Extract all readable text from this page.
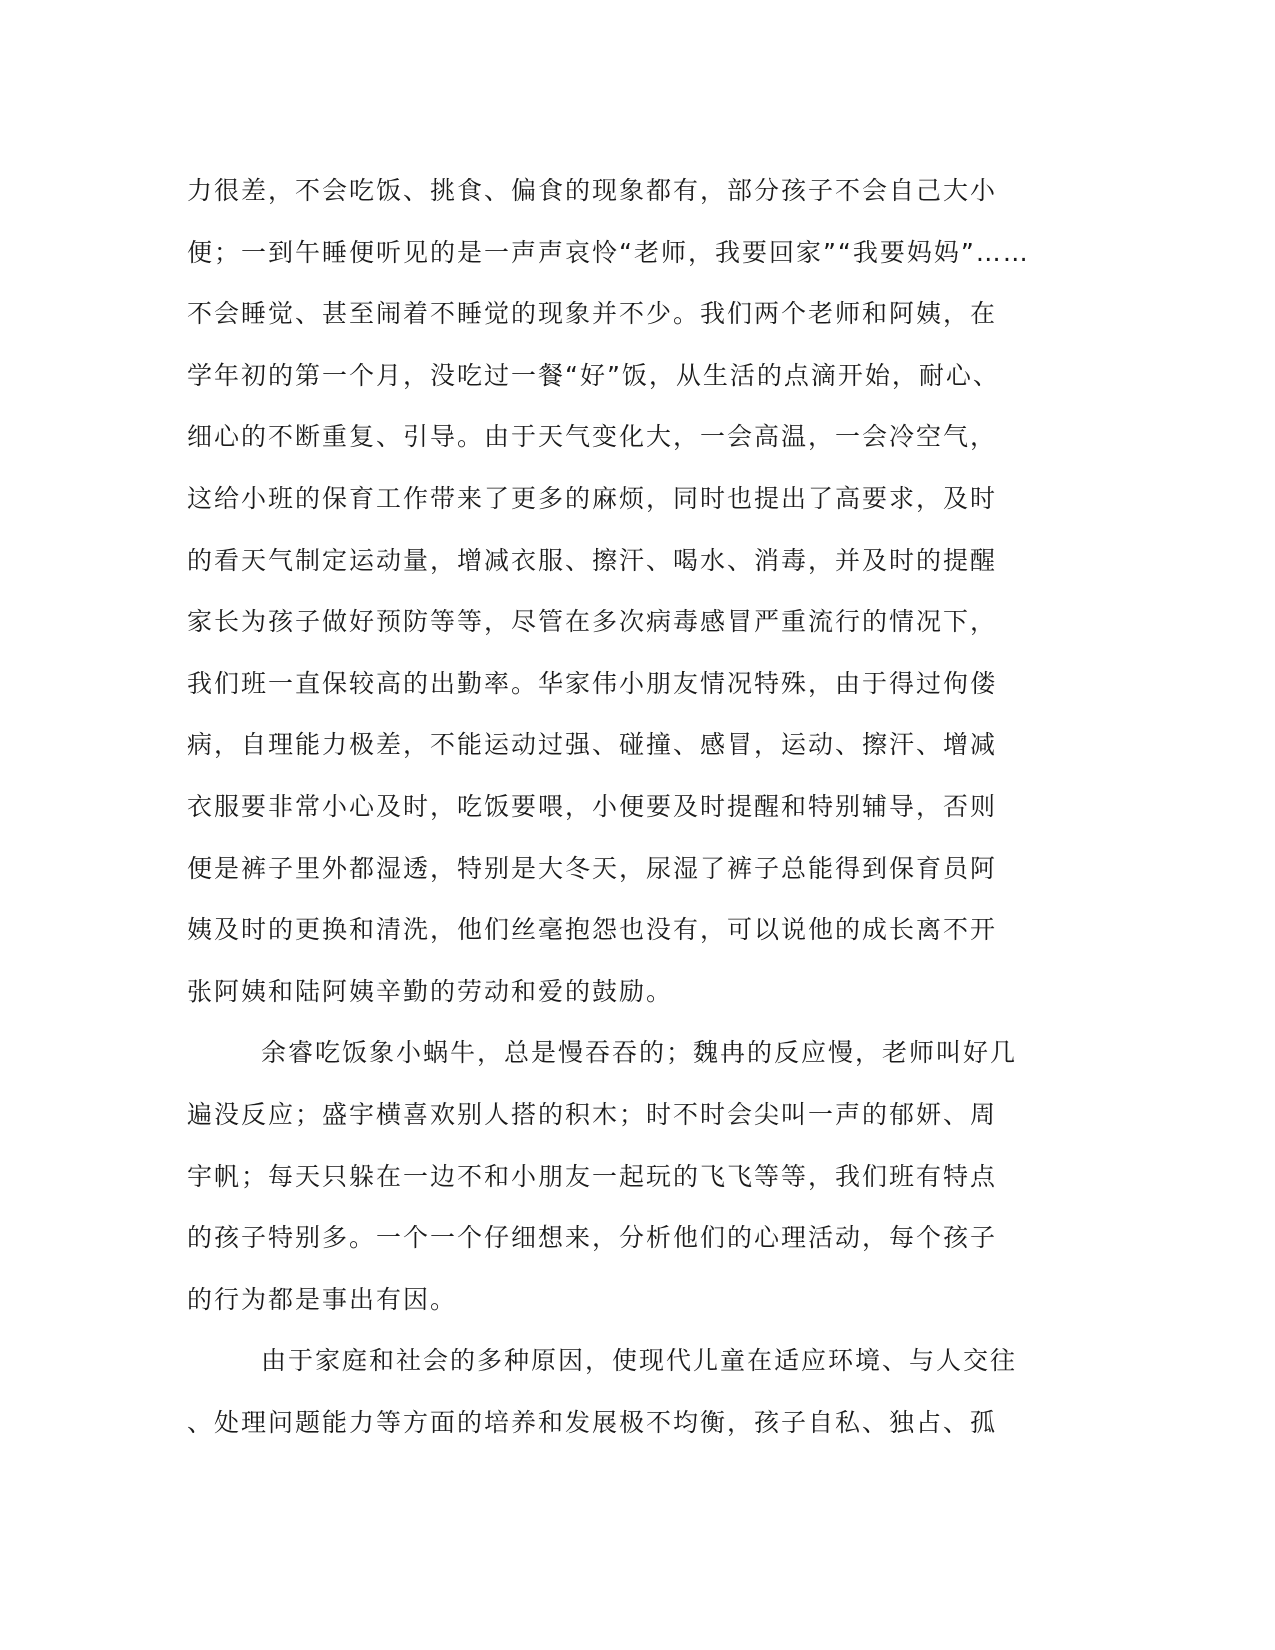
力很差，不会吃饭、挑食、偏食的现象都有，部分孩子不会自己大小
便；一到午睡便听见的是一声声哀怜“老师，我要回家”“我要妈妈”……
不会睡觉、甚至闹着不睡觉的现象并不少。我们两个老师和阿姨，在
学年初的第一个月，没吃过一餐“好”饭，从生活的点滴开始，耐心、
细心的不断重复、引导。由于天气变化大，一会高温，一会冷空气，
这给小班的保育工作带来了更多的麻烦，同时也提出了高要求，及时
的看天气制定运动量，增减衣服、擦汗、喝水、消毒，并及时的提醒
家长为孩子做好预防等等，尽管在多次病毒感冒严重流行的情况下，
我们班一直保较高的出勤率。华家伟小朋友情况特殊，由于得过佝偻
病，自理能力极差，不能运动过强、碰撞、感冒，运动、擦汗、增减
衣服要非常小心及时，吃饭要喂，小便要及时提醒和特别辅导，否则
便是裤子里外都湿透，特别是大冬天，尿湿了裤子总能得到保育员阿
姨及时的更换和清洗，他们丝毫抱怨也没有，可以说他的成长离不开
张阿姨和陆阿姨辛勤的劳动和爱的鼓励。
余睿吃饭象小蜗牛，总是慢吞吞的；魏冉的反应慢，老师叫好几
遍没反应；盛宇横喜欢别人搭的积木；时不时会尖叫一声的郁妍、周
宇帆；每天只躲在一边不和小朋友一起玩的飞飞等等，我们班有特点
的孩子特别多。一个一个仔细想来，分析他们的心理活动，每个孩子
的行为都是事出有因。
由于家庭和社会的多种原因，使现代儿童在适应环境、与人交往
、处理问题能力等方面的培养和发展极不均衡，孩子自私、独占、孤
